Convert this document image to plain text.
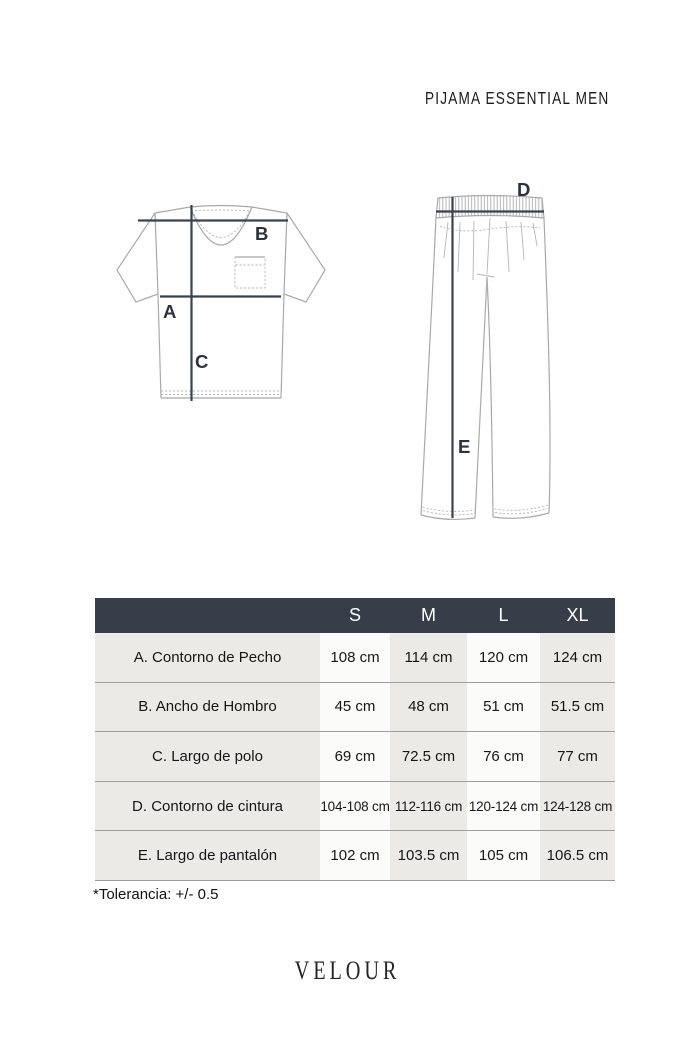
PIJAMA ESSENTIAL MEN
A
B
C
D
E
S	M	L	XL
A. Contorno de Pecho	108 cm	114 cm	120 cm	124 cm
B. Ancho de Hombro	45 cm	48 cm	51 cm	51.5 cm
C. Largo de polo	69 cm	72.5 cm	76 cm	77 cm
D. Contorno de cintura	104-108 cm 112-116 cm 120-124 cm 124-128 cm
E. Largo de pantalón	102 cm	103.5 cm	105 cm	106.5 cm
*Tolerancia: +/- 0.5
VELOUR
